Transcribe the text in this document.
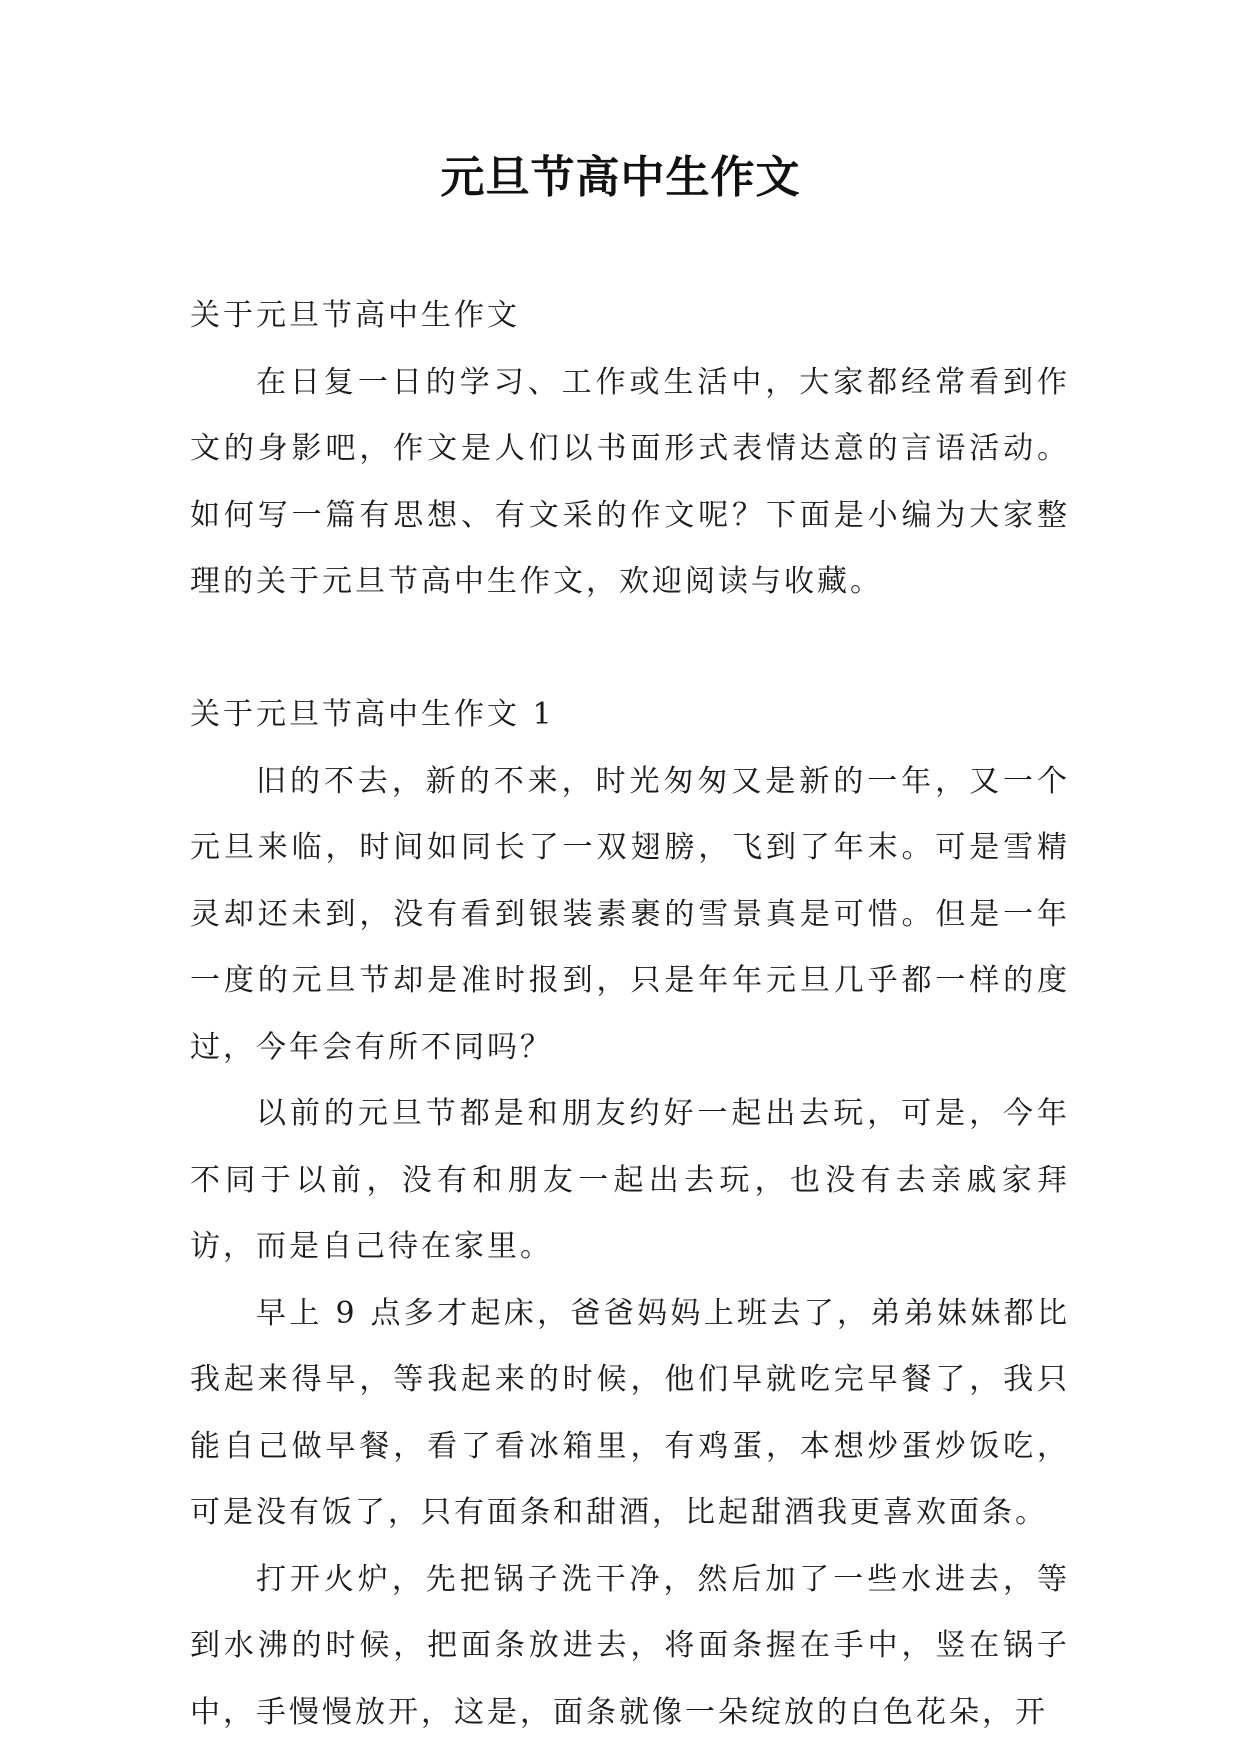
元旦节高中生作文

关于元旦节高中生作文

在日复一日的学习、工作或生活中，大家都经常看到作文的身影吧，作文是人们以书面形式表情达意的言语活动。如何写一篇有思想、有文采的作文呢？下面是小编为大家整理的关于元旦节高中生作文，欢迎阅读与收藏。

关于元旦节高中生作文 1

旧的不去，新的不来，时光匆匆又是新的一年，又一个元旦来临，时间如同长了一双翅膀，飞到了年末。可是雪精灵却还未到，没有看到银装素裹的雪景真是可惜。但是一年一度的元旦节却是准时报到，只是年年元旦几乎都一样的度过，今年会有所不同吗？

以前的元旦节都是和朋友约好一起出去玩，可是，今年不同于以前，没有和朋友一起出去玩，也没有去亲戚家拜访，而是自己待在家里。

早上 9 点多才起床，爸爸妈妈上班去了，弟弟妹妹都比我起来得早，等我起来的时候，他们早就吃完早餐了，我只能自己做早餐，看了看冰箱里，有鸡蛋，本想炒蛋炒饭吃，可是没有饭了，只有面条和甜酒，比起甜酒我更喜欢面条。

打开火炉，先把锅子洗干净，然后加了一些水进去，等到水沸的时候，把面条放进去，将面条握在手中，竖在锅子中，手慢慢放开，这是，面条就像一朵绽放的白色花朵，开
